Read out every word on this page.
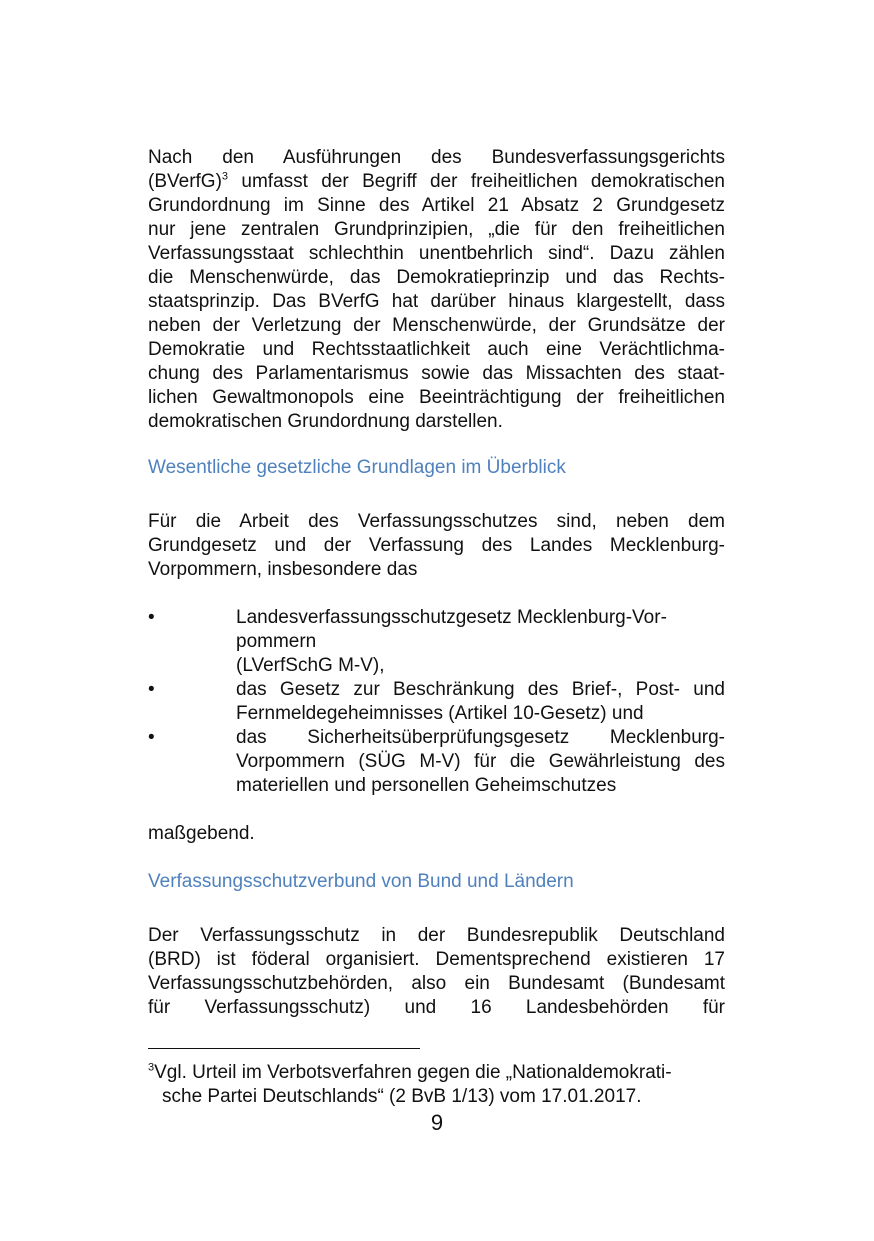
Nach den Ausführungen des Bundesverfassungsgerichts
(BVerfG)$^3$ umfasst der Begriff der freiheitlichen demokratischen
Grundordnung im Sinne des Artikel 21 Absatz 2 Grundgesetz
nur jene zentralen Grundprinzipien, „die für den freiheitlichen
Verfassungsstaat schlechthin unentbehrlich sind“. Dazu zählen
die Menschenwürde, das Demokratieprinzip und das Rechts-
staatsprinzip. Das BVerfG hat darüber hinaus klargestellt, dass
neben der Verletzung der Menschenwürde, der Grundsätze der
Demokratie und Rechtsstaatlichkeit auch eine Verächtlichma-
chung des Parlamentarismus sowie das Missachten des staat-
lichen Gewaltmonopols eine Beeinträchtigung der freiheitlichen
demokratischen Grundordnung darstellen.
Wesentliche gesetzliche Grundlagen im Überblick
Für die Arbeit des Verfassungsschutzes sind, neben dem
Grundgesetz und der Verfassung des Landes Mecklenburg-
Vorpommern, insbesondere das
•	Landesverfassungsschutzgesetz Mecklenburg-Vor-
pommern
(LVerfSchG M-V),
•	das Gesetz zur Beschränkung des Brief-, Post- und
Fernmeldegeheimnisses (Artikel 10-Gesetz) und
•	das Sicherheitsüberprüfungsgesetz Mecklenburg-
Vorpommern (SÜG M-V) für die Gewährleistung des
materiellen und personellen Geheimschutzes
maßgebend.
Verfassungsschutzverbund von Bund und Ländern
Der Verfassungsschutz in der Bundesrepublik Deutschland
(BRD) ist föderal organisiert. Dementsprechend existieren 17
Verfassungsschutzbehörden, also ein Bundesamt (Bundesamt
für Verfassungsschutz) und 16 Landesbehörden für
$^3$Vgl. Urteil im Verbotsverfahren gegen die „Nationaldemokrati-
sche Partei Deutschlands“ (2 BvB 1/13) vom 17.01.2017.
9
